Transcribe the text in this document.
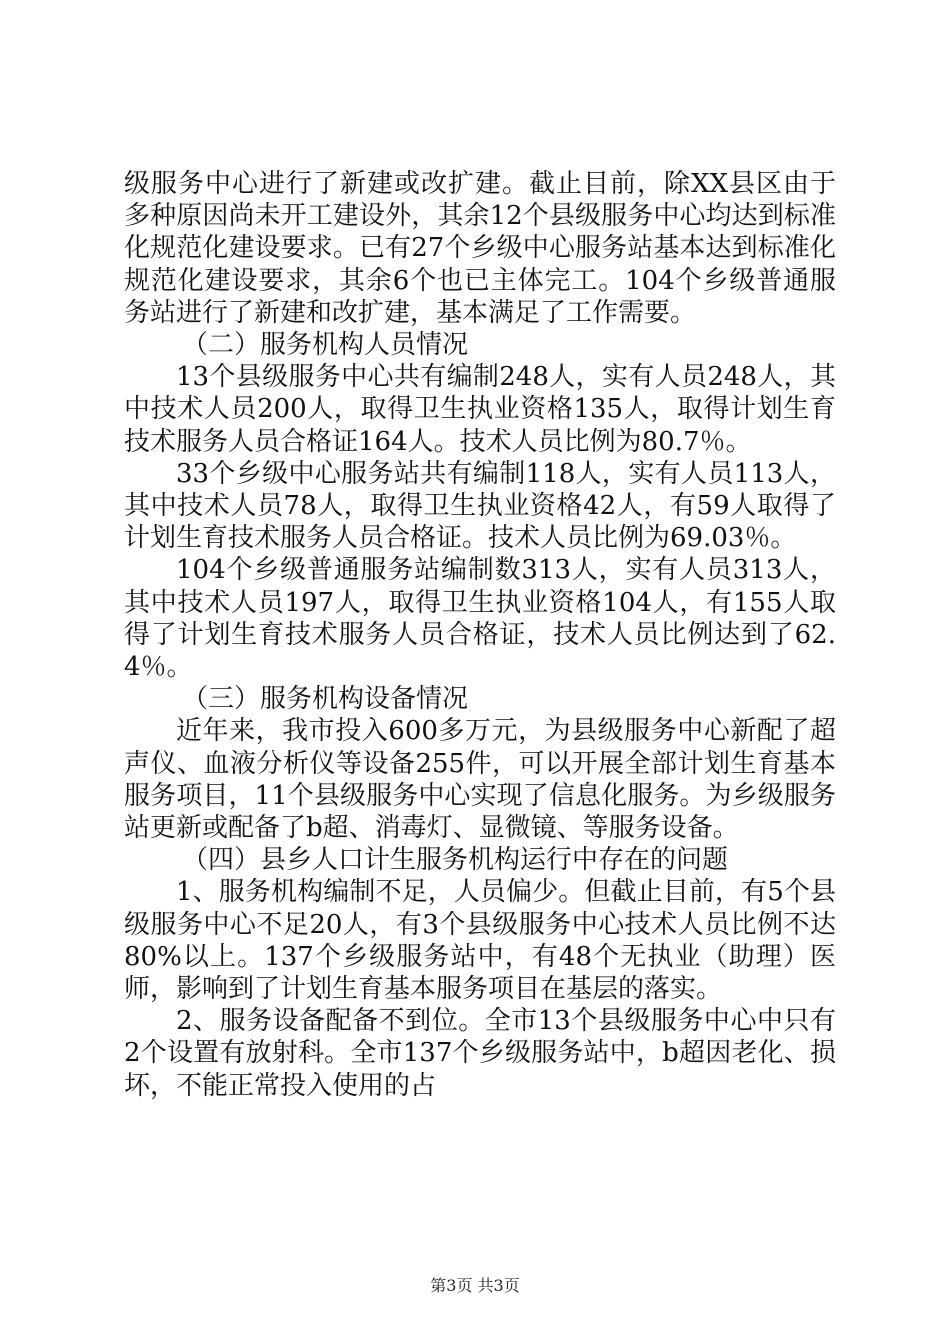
级服务中心进行了新建或改扩建。截止目前，除XX县区由于多种原因尚未开工建设外，其余12个县级服务中心均达到标准化规范化建设要求。已有27个乡级中心服务站基本达到标准化规范化建设要求，其余6个也已主体完工。104个乡级普通服务站进行了新建和改扩建，基本满足了工作需要。

（二）服务机构人员情况

13个县级服务中心共有编制248人，实有人员248人，其中技术人员200人，取得卫生执业资格135人，取得计划生育技术服务人员合格证164人。技术人员比例为80.7％。

33个乡级中心服务站共有编制118人，实有人员113人，其中技术人员78人，取得卫生执业资格42人，有59人取得了计划生育技术服务人员合格证。技术人员比例为69.03％。

104个乡级普通服务站编制数313人，实有人员313人，其中技术人员197人，取得卫生执业资格104人，有155人取得了计划生育技术服务人员合格证，技术人员比例达到了62.4％。

（三）服务机构设备情况

近年来，我市投入600多万元，为县级服务中心新配了超声仪、血液分析仪等设备255件，可以开展全部计划生育基本服务项目，11个县级服务中心实现了信息化服务。为乡级服务站更新或配备了b超、消毒灯、显微镜、等服务设备。

（四）县乡人口计生服务机构运行中存在的问题

1、服务机构编制不足，人员偏少。但截止目前，有5个县级服务中心不足20人，有3个县级服务中心技术人员比例不达80%以上。137个乡级服务站中，有48个无执业（助理）医师，影响到了计划生育基本服务项目在基层的落实。

2、服务设备配备不到位。全市13个县级服务中心中只有2个设置有放射科。全市137个乡级服务站中，b超因老化、损坏，不能正常投入使用的占

第3页 共3页
